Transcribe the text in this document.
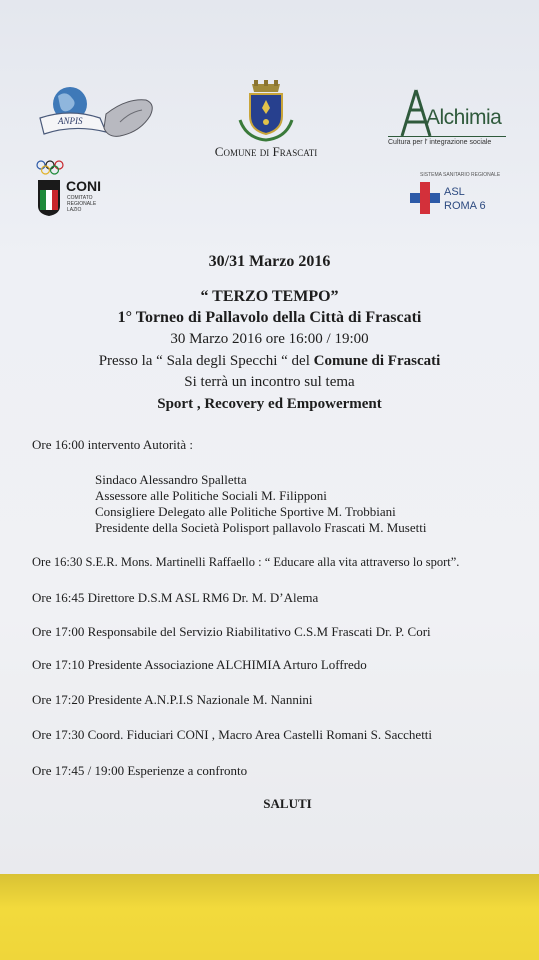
ANPIS
Comune di Frascati
Alchimia
Cultura per l' integrazione sociale
CONI
COMITATO
REGIONALE
LAZIO
SISTEMA SANITARIO REGIONALE
ASL
ROMA 6
30/31 Marzo 2016
“ TERZO TEMPO”
1° Torneo di Pallavolo della Città di Frascati
30 Marzo 2016 ore 16:00 / 19:00
Presso la “ Sala degli Specchi “ del Comune di Frascati
Si terrà un incontro sul tema
Sport , Recovery ed Empowerment
Ore 16:00 intervento Autorità :
Sindaco Alessandro Spalletta
Assessore alle Politiche Sociali M. Filipponi
Consigliere Delegato alle Politiche Sportive M. Trobbiani
Presidente della Società Polisport pallavolo Frascati M. Musetti
Ore 16:30 S.E.R. Mons. Martinelli Raffaello : “ Educare alla vita attraverso lo sport”.
Ore 16:45 Direttore D.S.M ASL RM6 Dr. M. D’Alema
Ore 17:00 Responsabile del Servizio Riabilitativo C.S.M Frascati Dr. P. Cori
Ore 17:10 Presidente Associazione ALCHIMIA Arturo Loffredo
Ore 17:20 Presidente A.N.P.I.S Nazionale M. Nannini
Ore 17:30 Coord. Fiduciari CONI , Macro Area Castelli Romani S. Sacchetti
Ore 17:45 / 19:00 Esperienze a confronto
SALUTI
